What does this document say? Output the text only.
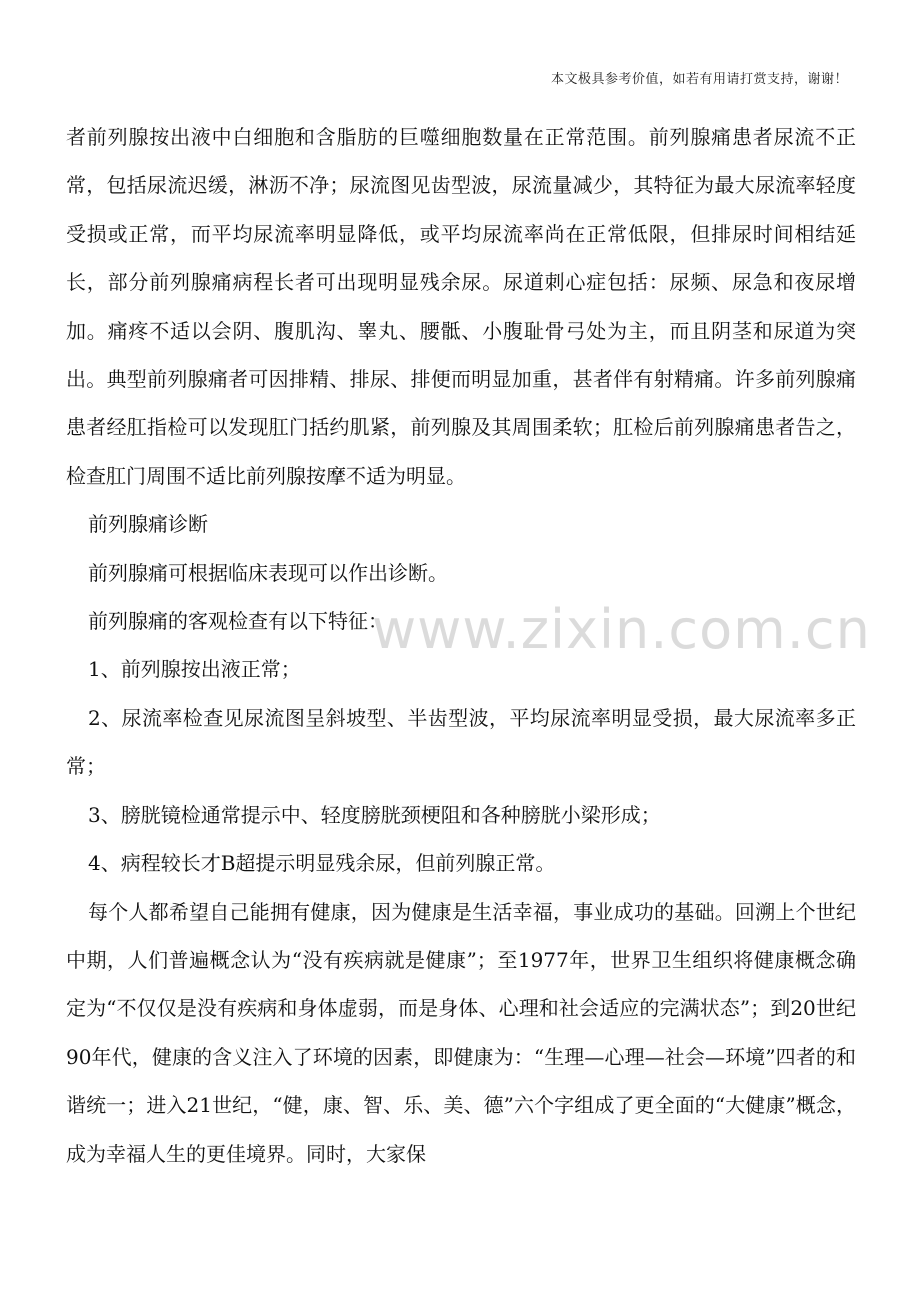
本文极具参考价值，如若有用请打赏支持，谢谢！
www.zixin.com.cn

者前列腺按出液中白细胞和含脂肪的巨噬细胞数量在正常范围。前列腺痛患者尿流不正常，包括尿流迟缓，淋沥不净；尿流图见齿型波，尿流量减少，其特征为最大尿流率轻度受损或正常，而平均尿流率明显降低，或平均尿流率尚在正常低限，但排尿时间相结延长，部分前列腺痛病程长者可出现明显残余尿。尿道刺心症包括：尿频、尿急和夜尿增加。痛疼不适以会阴、腹肌沟、睾丸、腰骶、小腹耻骨弓处为主，而且阴茎和尿道为突出。典型前列腺痛者可因排精、排尿、排便而明显加重，甚者伴有射精痛。许多前列腺痛患者经肛指检可以发现肛门括约肌紧，前列腺及其周围柔软；肛检后前列腺痛患者告之，检查肛门周围不适比前列腺按摩不适为明显。

前列腺痛诊断

前列腺痛可根据临床表现可以作出诊断。

前列腺痛的客观检查有以下特征：

1、前列腺按出液正常；

2、尿流率检查见尿流图呈斜坡型、半齿型波，平均尿流率明显受损，最大尿流率多正常；

3、膀胱镜检通常提示中、轻度膀胱颈梗阻和各种膀胱小梁形成；

4、病程较长才B超提示明显残余尿，但前列腺正常。

每个人都希望自己能拥有健康，因为健康是生活幸福，事业成功的基础。回溯上个世纪中期，人们普遍概念认为“没有疾病就是健康”；至1977年，世界卫生组织将健康概念确定为“不仅仅是没有疾病和身体虚弱，而是身体、心理和社会适应的完满状态”；到20世纪90年代，健康的含义注入了环境的因素，即健康为：“生理—心理—社会—环境”四者的和谐统一；进入21世纪，“健，康、智、乐、美、德”六个字组成了更全面的“大健康”概念，成为幸福人生的更佳境界。同时，大家保
